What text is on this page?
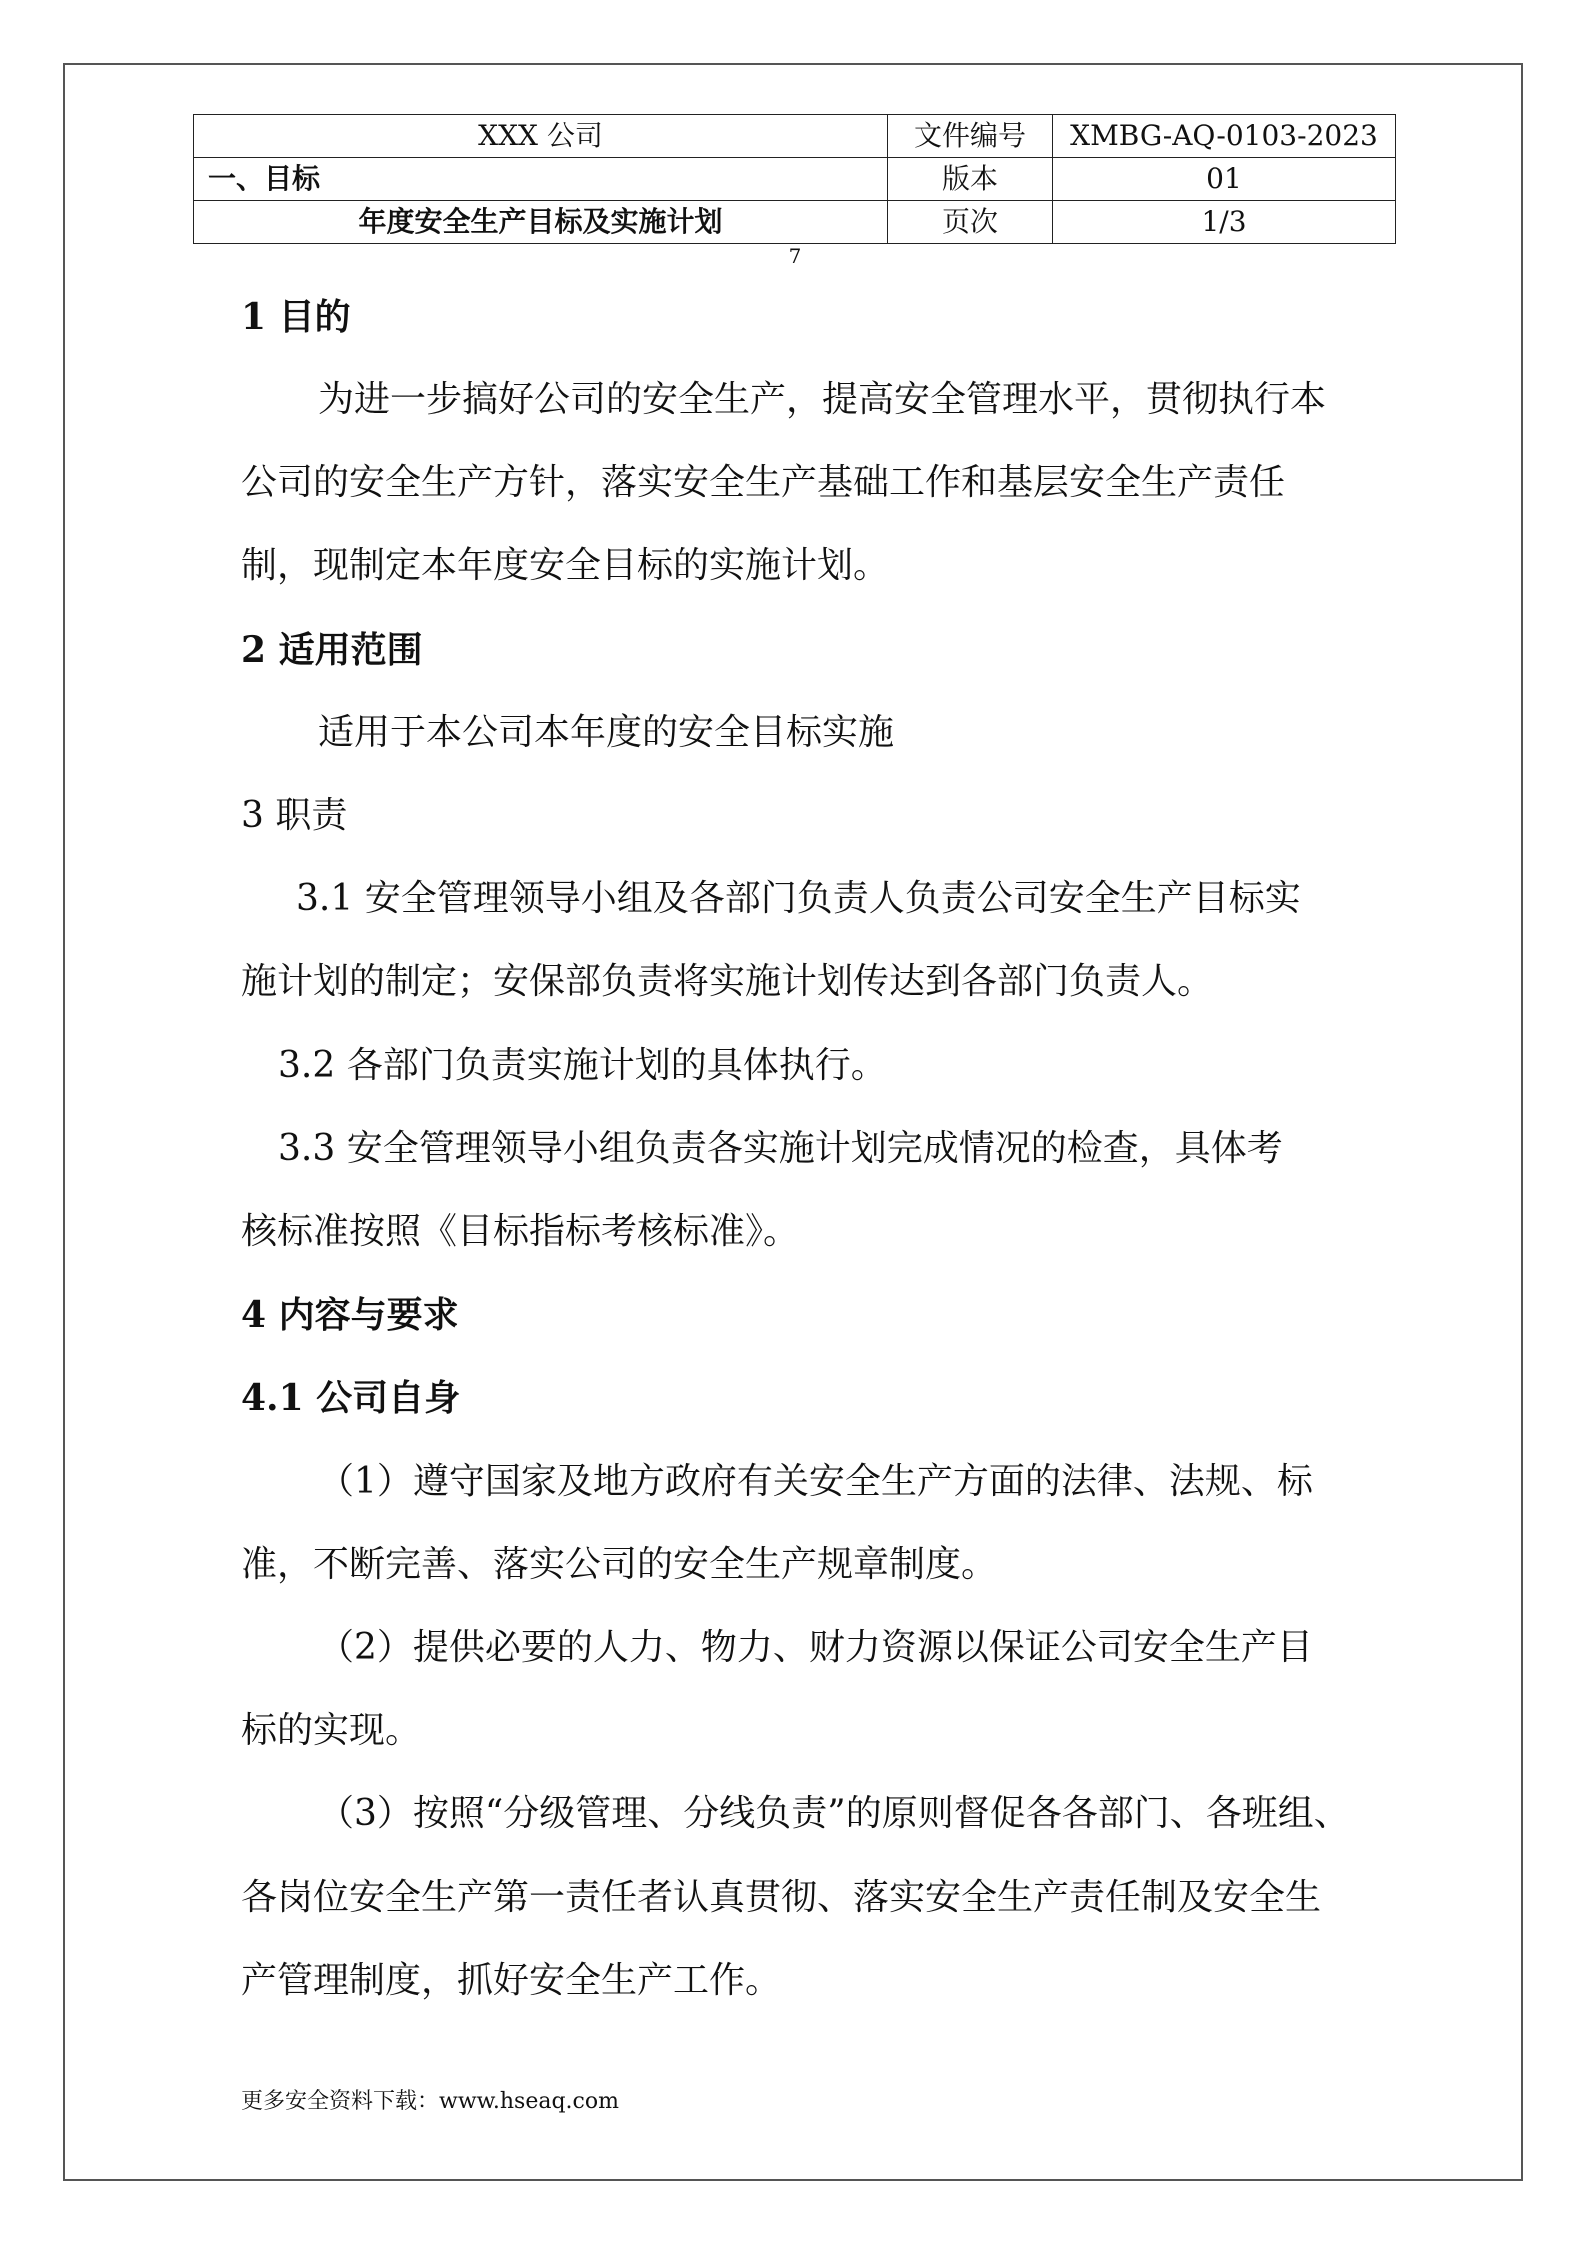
XXX 公司	文件编号	XMBG-AQ-0103-2023
一、目标	版本	01
年度安全生产目标及实施计划	页次	1/3
7
1 目的
为进一步搞好公司的安全生产，提高安全管理水平，贯彻执行本
公司的安全生产方针，落实安全生产基础工作和基层安全生产责任
制，现制定本年度安全目标的实施计划。
2 适用范围
适用于本公司本年度的安全目标实施
3 职责
3.1 安全管理领导小组及各部门负责人负责公司安全生产目标实
施计划的制定；安保部负责将实施计划传达到各部门负责人。
3.2 各部门负责实施计划的具体执行。
3.3 安全管理领导小组负责各实施计划完成情况的检查，具体考
核标准按照《目标指标考核标准》。
4 内容与要求
4.1 公司自身
（1）遵守国家及地方政府有关安全生产方面的法律、法规、标
准，不断完善、落实公司的安全生产规章制度。
（2）提供必要的人力、物力、财力资源以保证公司安全生产目
标的实现。
（3）按照“分级管理、分线负责”的原则督促各各部门、各班组、
各岗位安全生产第一责任者认真贯彻、落实安全生产责任制及安全生
产管理制度，抓好安全生产工作。
更多安全资料下载：www.hseaq.com
